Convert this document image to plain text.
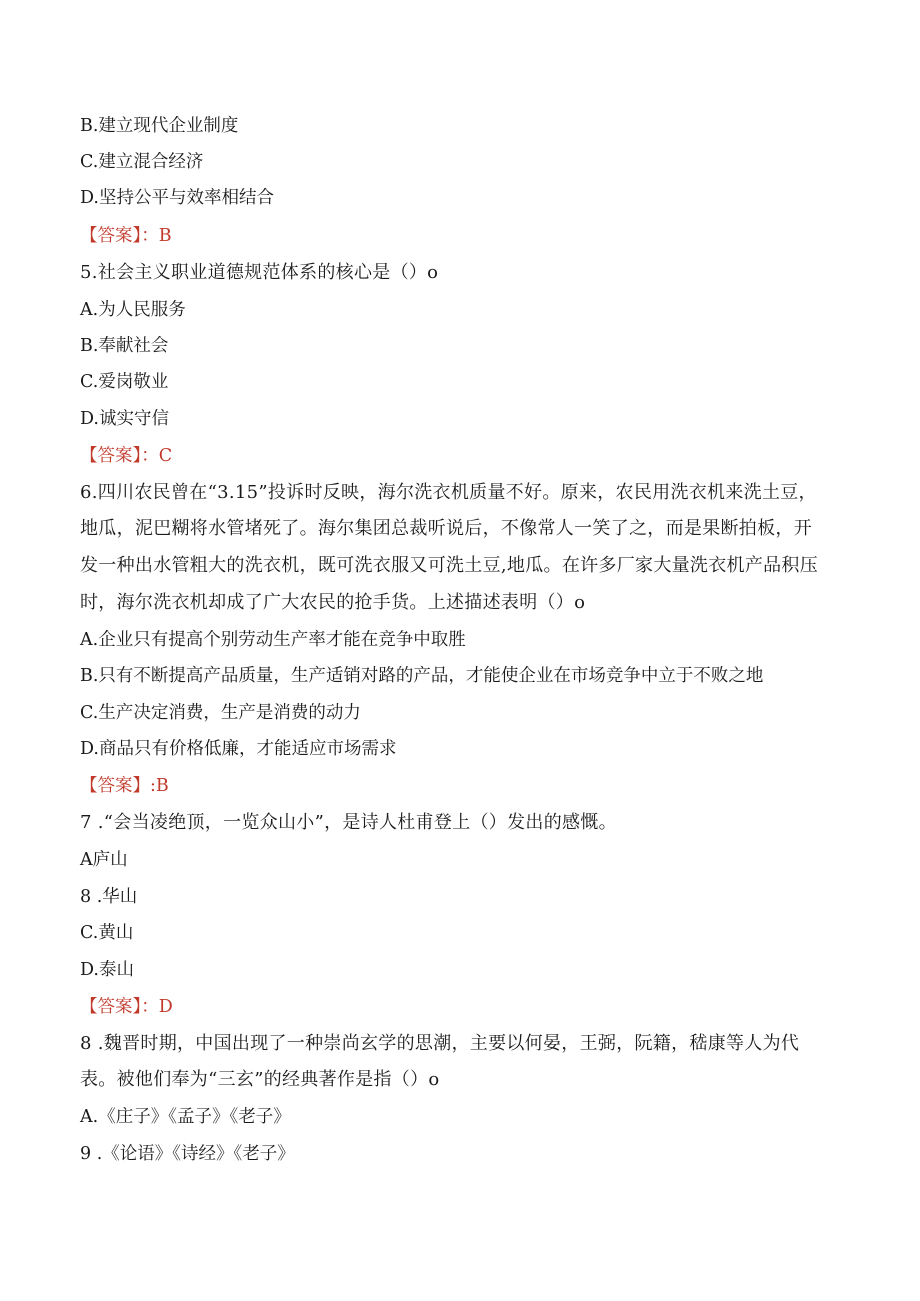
B.建立现代企业制度
C.建立混合经济
D.坚持公平与效率相结合
【答案】：B
5.社会主义职业道德规范体系的核心是（）o
A.为人民服务
B.奉献社会
C.爱岗敬业
D.诚实守信
【答案】：C
6.四川农民曾在“3.15”投诉时反映，海尔洗衣机质量不好。原来，农民用洗衣机来洗土豆，
地瓜，泥巴糊将水管堵死了。海尔集团总裁听说后，不像常人一笑了之，而是果断拍板，开
发一种出水管粗大的洗衣机，既可洗衣服又可洗土豆,地瓜。在许多厂家大量洗衣机产品积压
时，海尔洗衣机却成了广大农民的抢手货。上述描述表明（）o
A.企业只有提高个别劳动生产率才能在竞争中取胜
B.只有不断提高产品质量，生产适销对路的产品，才能使企业在市场竞争中立于不败之地
C.生产决定消费，生产是消费的动力
D.商品只有价格低廉，才能适应市场需求
【答案】:B
7 .“会当凌绝顶，一览众山小”，是诗人杜甫登上（）发出的感慨。
A庐山
8 .华山
C.黄山
D.泰山
【答案】：D
8 .魏晋时期，中国出现了一种崇尚玄学的思潮，主要以何晏，王弼，阮籍，嵇康等人为代
表。被他们奉为“三玄”的经典著作是指（）o
A.《庄子》《孟子》《老子》
9 .《论语》《诗经》《老子》
